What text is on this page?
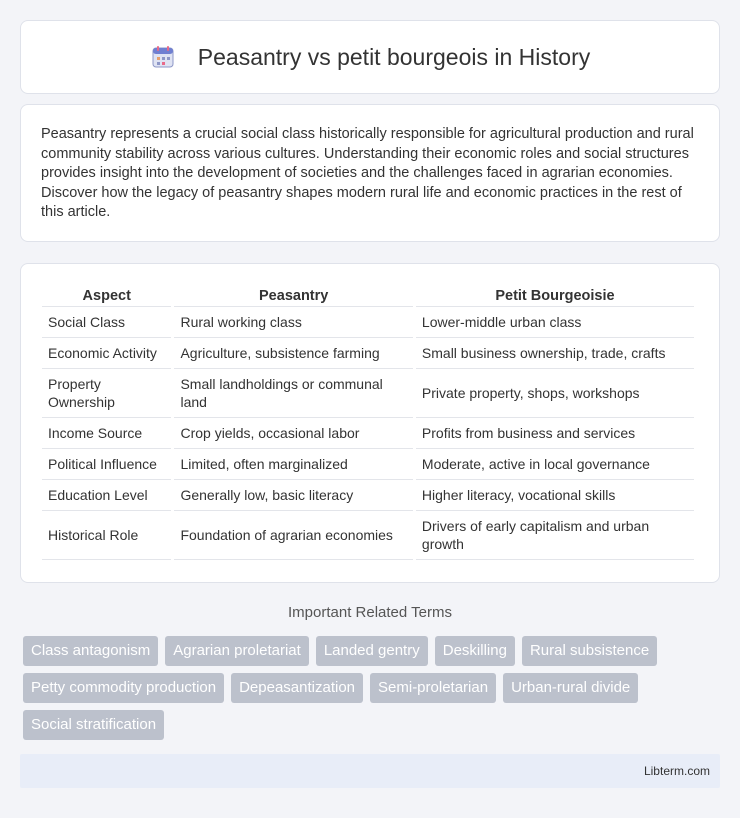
Peasantry vs petit bourgeois in History

Peasantry represents a crucial social class historically responsible for agricultural production and rural community stability across various cultures. Understanding their economic roles and social structures provides insight into the development of societies and the challenges faced in agrarian economies. Discover how the legacy of peasantry shapes modern rural life and economic practices in the rest of this article.

Aspect	Peasantry	Petit Bourgeoisie
Social Class	Rural working class	Lower-middle urban class
Economic Activity	Agriculture, subsistence farming	Small business ownership, trade, crafts
Property Ownership	Small landholdings or communal land	Private property, shops, workshops
Income Source	Crop yields, occasional labor	Profits from business and services
Political Influence	Limited, often marginalized	Moderate, active in local governance
Education Level	Generally low, basic literacy	Higher literacy, vocational skills
Historical Role	Foundation of agrarian economies	Drivers of early capitalism and urban growth
Important Related Terms
Class antagonism	Agrarian proletariat	Landed gentry	Deskilling	Rural subsistence
Petty commodity production	Depeasantization	Semi-proletarian	Urban-rural divide
Social stratification
Libterm.com
